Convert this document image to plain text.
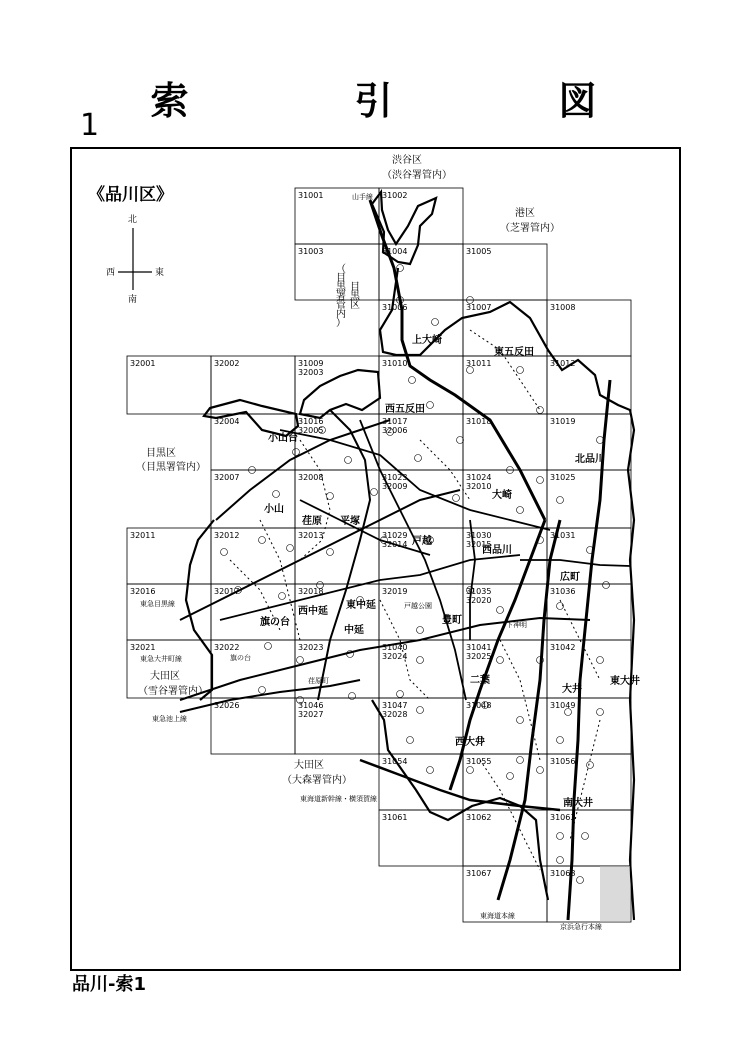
索　引　図
1
品川-索1
《品川区》
北
南
東
西
31001	31002
31003	31004	31005
31006	31007	31008
32001	32002	31009
32003
31010	31011	31012
32004	31016
32005
31017
32006
31018	31019
32007	32008	31023
32009
31024
32010
31025
32011	32012	32013	31029
32014
31030
32015
31031
32016	32017	32018	32019	31035
32020
31036
32021	32022	32023	31040
32024
31041
32025
31042
32026	31046
32027
31047
32028
31048	31049
31054	31055	31056
31061	31062	31063
31067	31068
渋谷区
（渋谷署管内）
港区
（芝署管内）
目黒区
（目黒署管内）
大田区
（雪谷署管内）
大田区
（大森署管内）
目
黒
区
（
目
黒
署
管
内
）
上大崎
東五反田
西五反田
小山台
北品川
大崎
小山
荏原 平塚
戸越
西品川
広町
西中延
東中延
中延
旗の台	豊町
二葉
大井
東大井
西大井
南大井
山手線
東急目黒線
東急大井町線
東急池上線
東海道新幹線・横須賀線
東海道本線
京浜急行本線
戸越公園
下神明
荏原町
旗の台
